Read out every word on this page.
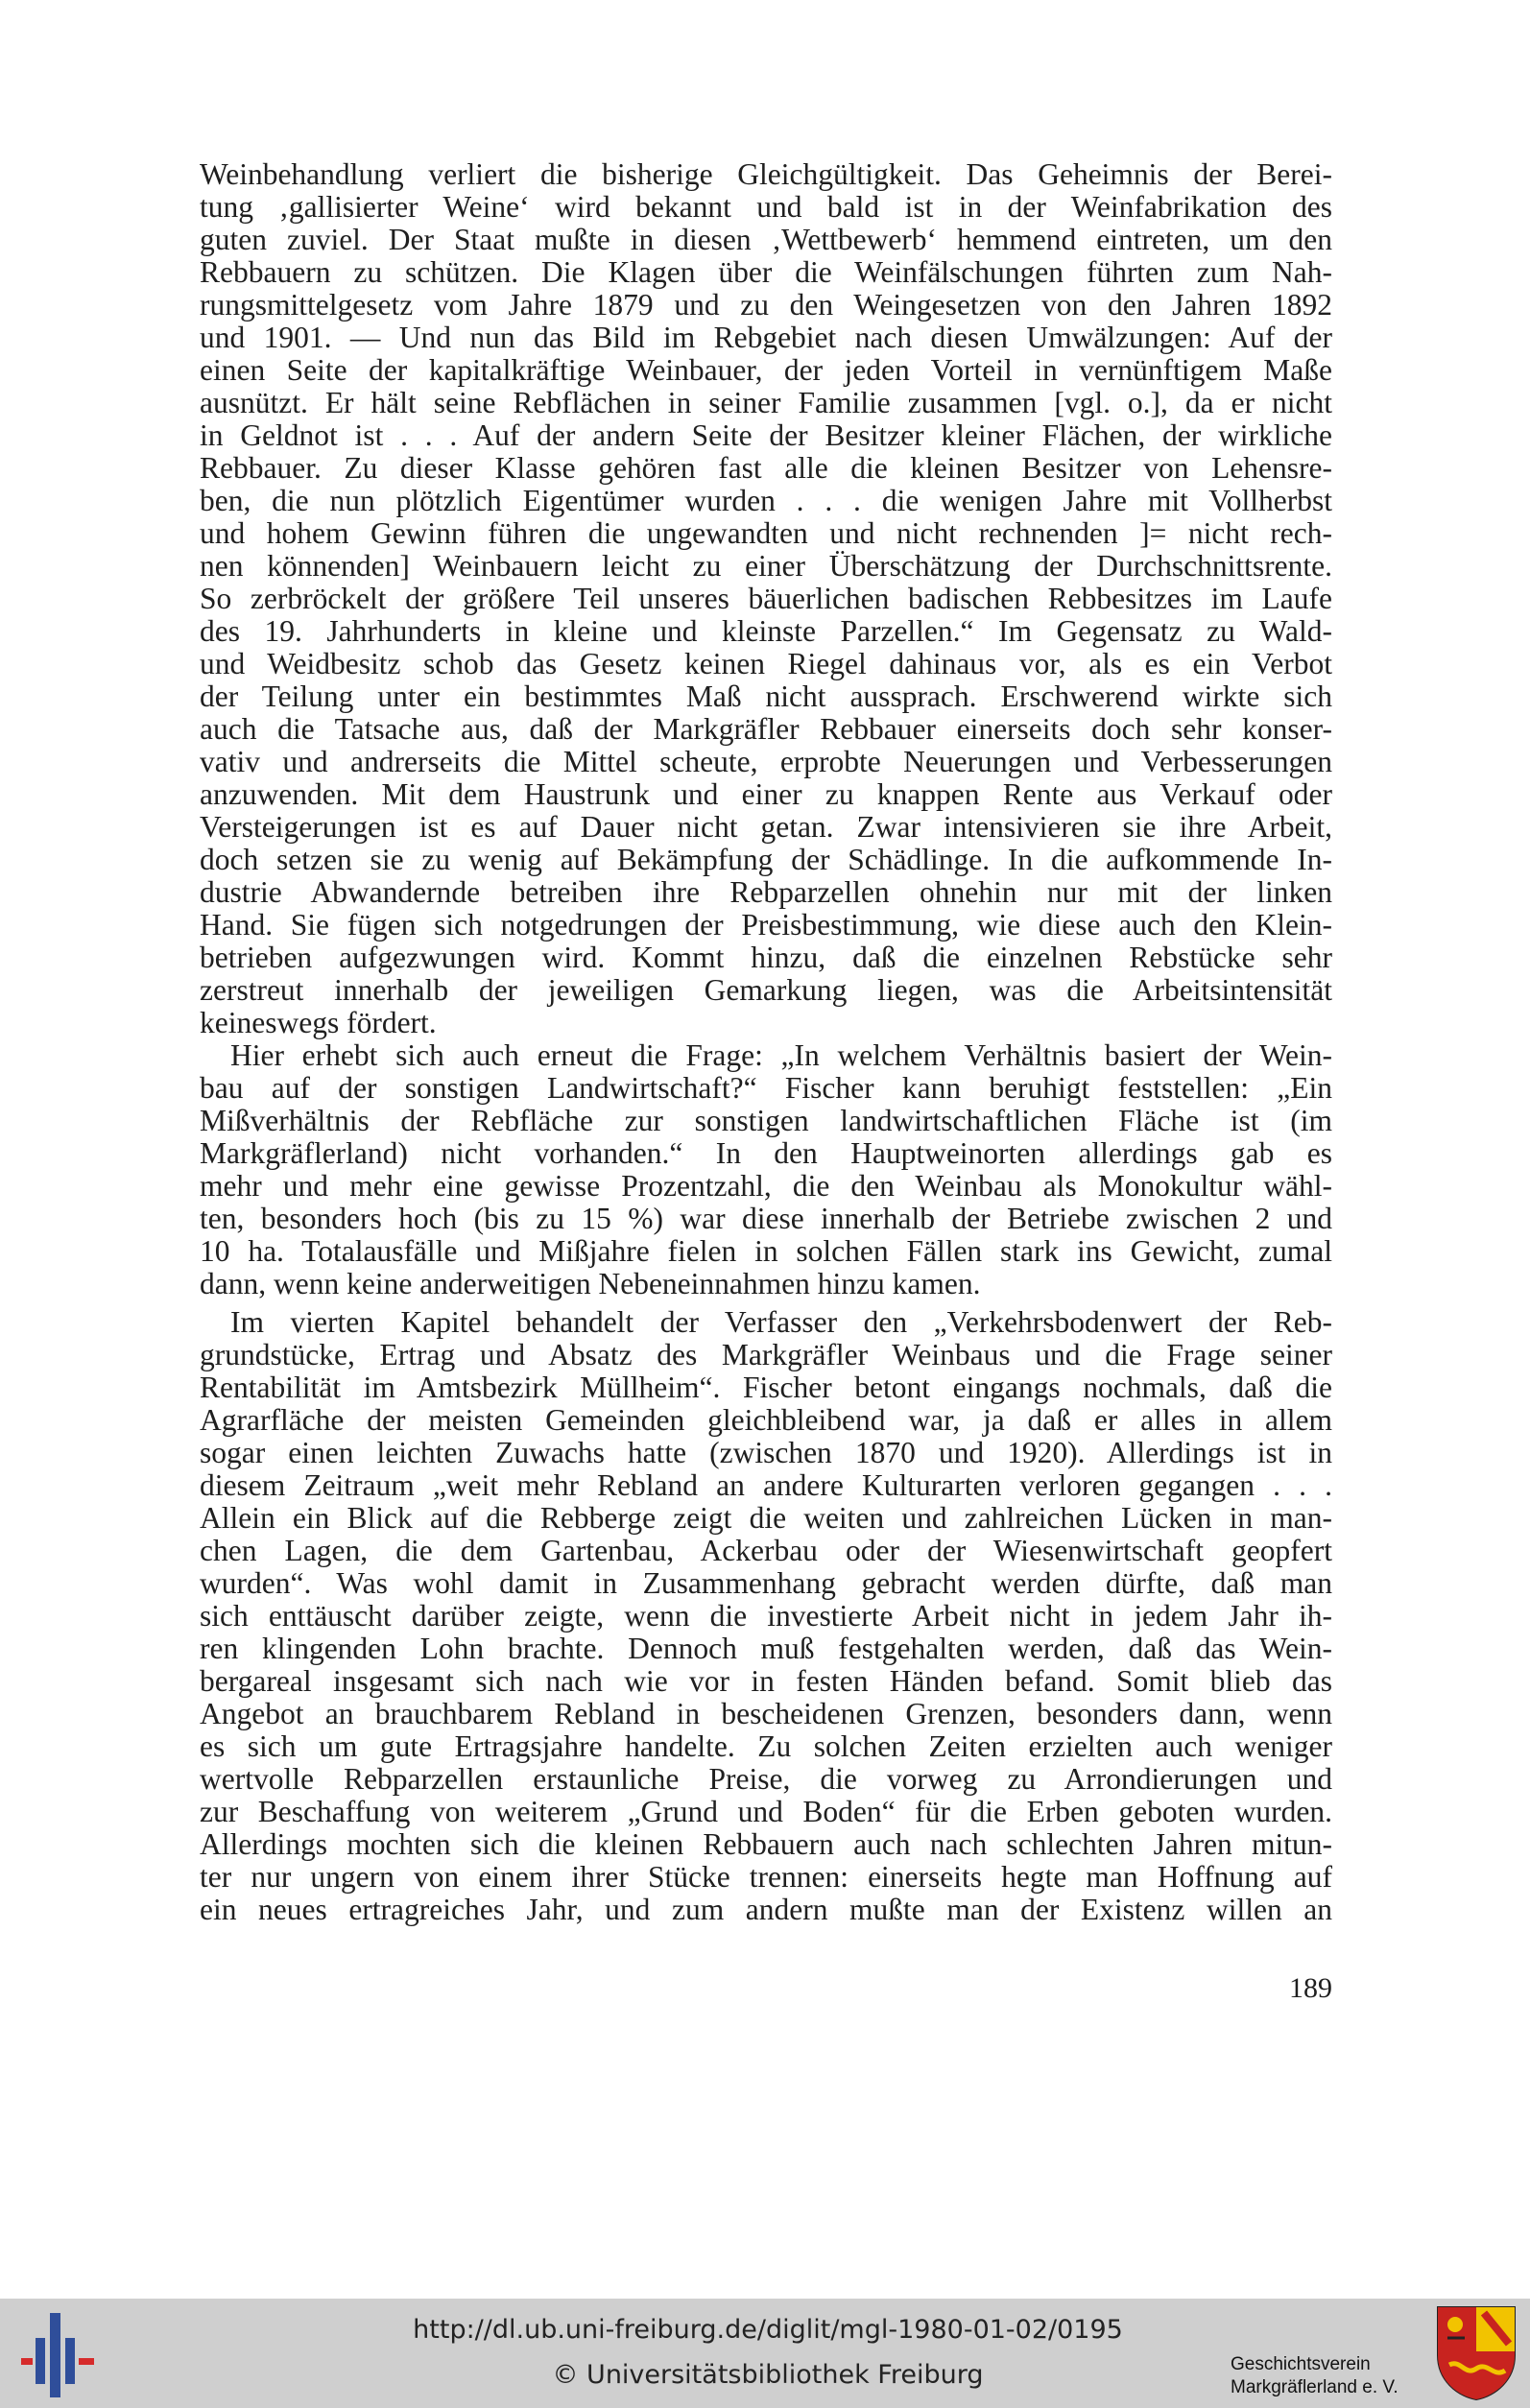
Weinbehandlung verliert die bisherige Gleichgültigkeit. Das Geheimnis der Berei-
tung ‚gallisierter Weine‘ wird bekannt und bald ist in der Weinfabrikation des
guten zuviel. Der Staat mußte in diesen ‚Wettbewerb‘ hemmend eintreten, um den
Rebbauern zu schützen. Die Klagen über die Weinfälschungen führten zum Nah-
rungsmittelgesetz vom Jahre 1879 und zu den Weingesetzen von den Jahren 1892
und 1901. — Und nun das Bild im Rebgebiet nach diesen Umwälzungen: Auf der
einen Seite der kapitalkräftige Weinbauer, der jeden Vorteil in vernünftigem Maße
ausnützt. Er hält seine Rebflächen in seiner Familie zusammen [vgl. o.], da er nicht
in Geldnot ist . . . Auf der andern Seite der Besitzer kleiner Flächen, der wirkliche
Rebbauer. Zu dieser Klasse gehören fast alle die kleinen Besitzer von Lehensre-
ben, die nun plötzlich Eigentümer wurden . . . die wenigen Jahre mit Vollherbst
und hohem Gewinn führen die ungewandten und nicht rechnenden ]= nicht rech-
nen könnenden] Weinbauern leicht zu einer Überschätzung der Durchschnittsrente.
So zerbröckelt der größere Teil unseres bäuerlichen badischen Rebbesitzes im Laufe
des 19. Jahrhunderts in kleine und kleinste Parzellen.“ Im Gegensatz zu Wald-
und Weidbesitz schob das Gesetz keinen Riegel dahinaus vor, als es ein Verbot
der Teilung unter ein bestimmtes Maß nicht aussprach. Erschwerend wirkte sich
auch die Tatsache aus, daß der Markgräfler Rebbauer einerseits doch sehr konser-
vativ und andrerseits die Mittel scheute, erprobte Neuerungen und Verbesserungen
anzuwenden. Mit dem Haustrunk und einer zu knappen Rente aus Verkauf oder
Versteigerungen ist es auf Dauer nicht getan. Zwar intensivieren sie ihre Arbeit,
doch setzen sie zu wenig auf Bekämpfung der Schädlinge. In die aufkommende In-
dustrie Abwandernde betreiben ihre Rebparzellen ohnehin nur mit der linken
Hand. Sie fügen sich notgedrungen der Preisbestimmung, wie diese auch den Klein-
betrieben aufgezwungen wird. Kommt hinzu, daß die einzelnen Rebstücke sehr
zerstreut innerhalb der jeweiligen Gemarkung liegen, was die Arbeitsintensität
keineswegs fördert.
Hier erhebt sich auch erneut die Frage: „In welchem Verhältnis basiert der Wein-
bau auf der sonstigen Landwirtschaft?“ Fischer kann beruhigt feststellen: „Ein
Mißverhältnis der Rebfläche zur sonstigen landwirtschaftlichen Fläche ist (im
Markgräflerland) nicht vorhanden.“ In den Hauptweinorten allerdings gab es
mehr und mehr eine gewisse Prozentzahl, die den Weinbau als Monokultur wähl-
ten, besonders hoch (bis zu 15 %) war diese innerhalb der Betriebe zwischen 2 und
10 ha. Totalausfälle und Mißjahre fielen in solchen Fällen stark ins Gewicht, zumal
dann, wenn keine anderweitigen Nebeneinnahmen hinzu kamen.
Im vierten Kapitel behandelt der Verfasser den „Verkehrsbodenwert der Reb-
grundstücke, Ertrag und Absatz des Markgräfler Weinbaus und die Frage seiner
Rentabilität im Amtsbezirk Müllheim“. Fischer betont eingangs nochmals, daß die
Agrarfläche der meisten Gemeinden gleichbleibend war, ja daß er alles in allem
sogar einen leichten Zuwachs hatte (zwischen 1870 und 1920). Allerdings ist in
diesem Zeitraum „weit mehr Rebland an andere Kulturarten verloren gegangen . . .
Allein ein Blick auf die Rebberge zeigt die weiten und zahlreichen Lücken in man-
chen Lagen, die dem Gartenbau, Ackerbau oder der Wiesenwirtschaft geopfert
wurden“. Was wohl damit in Zusammenhang gebracht werden dürfte, daß man
sich enttäuscht darüber zeigte, wenn die investierte Arbeit nicht in jedem Jahr ih-
ren klingenden Lohn brachte. Dennoch muß festgehalten werden, daß das Wein-
bergareal insgesamt sich nach wie vor in festen Händen befand. Somit blieb das
Angebot an brauchbarem Rebland in bescheidenen Grenzen, besonders dann, wenn
es sich um gute Ertragsjahre handelte. Zu solchen Zeiten erzielten auch weniger
wertvolle Rebparzellen erstaunliche Preise, die vorweg zu Arrondierungen und
zur Beschaffung von weiterem „Grund und Boden“ für die Erben geboten wurden.
Allerdings mochten sich die kleinen Rebbauern auch nach schlechten Jahren mitun-
ter nur ungern von einem ihrer Stücke trennen: einerseits hegte man Hoffnung auf
ein neues ertragreiches Jahr, und zum andern mußte man der Existenz willen an
189
http://dl.ub.uni-freiburg.de/diglit/mgl-1980-01-02/0195
© Universitätsbibliothek Freiburg	Geschichtsverein
Markgräflerland e. V.
